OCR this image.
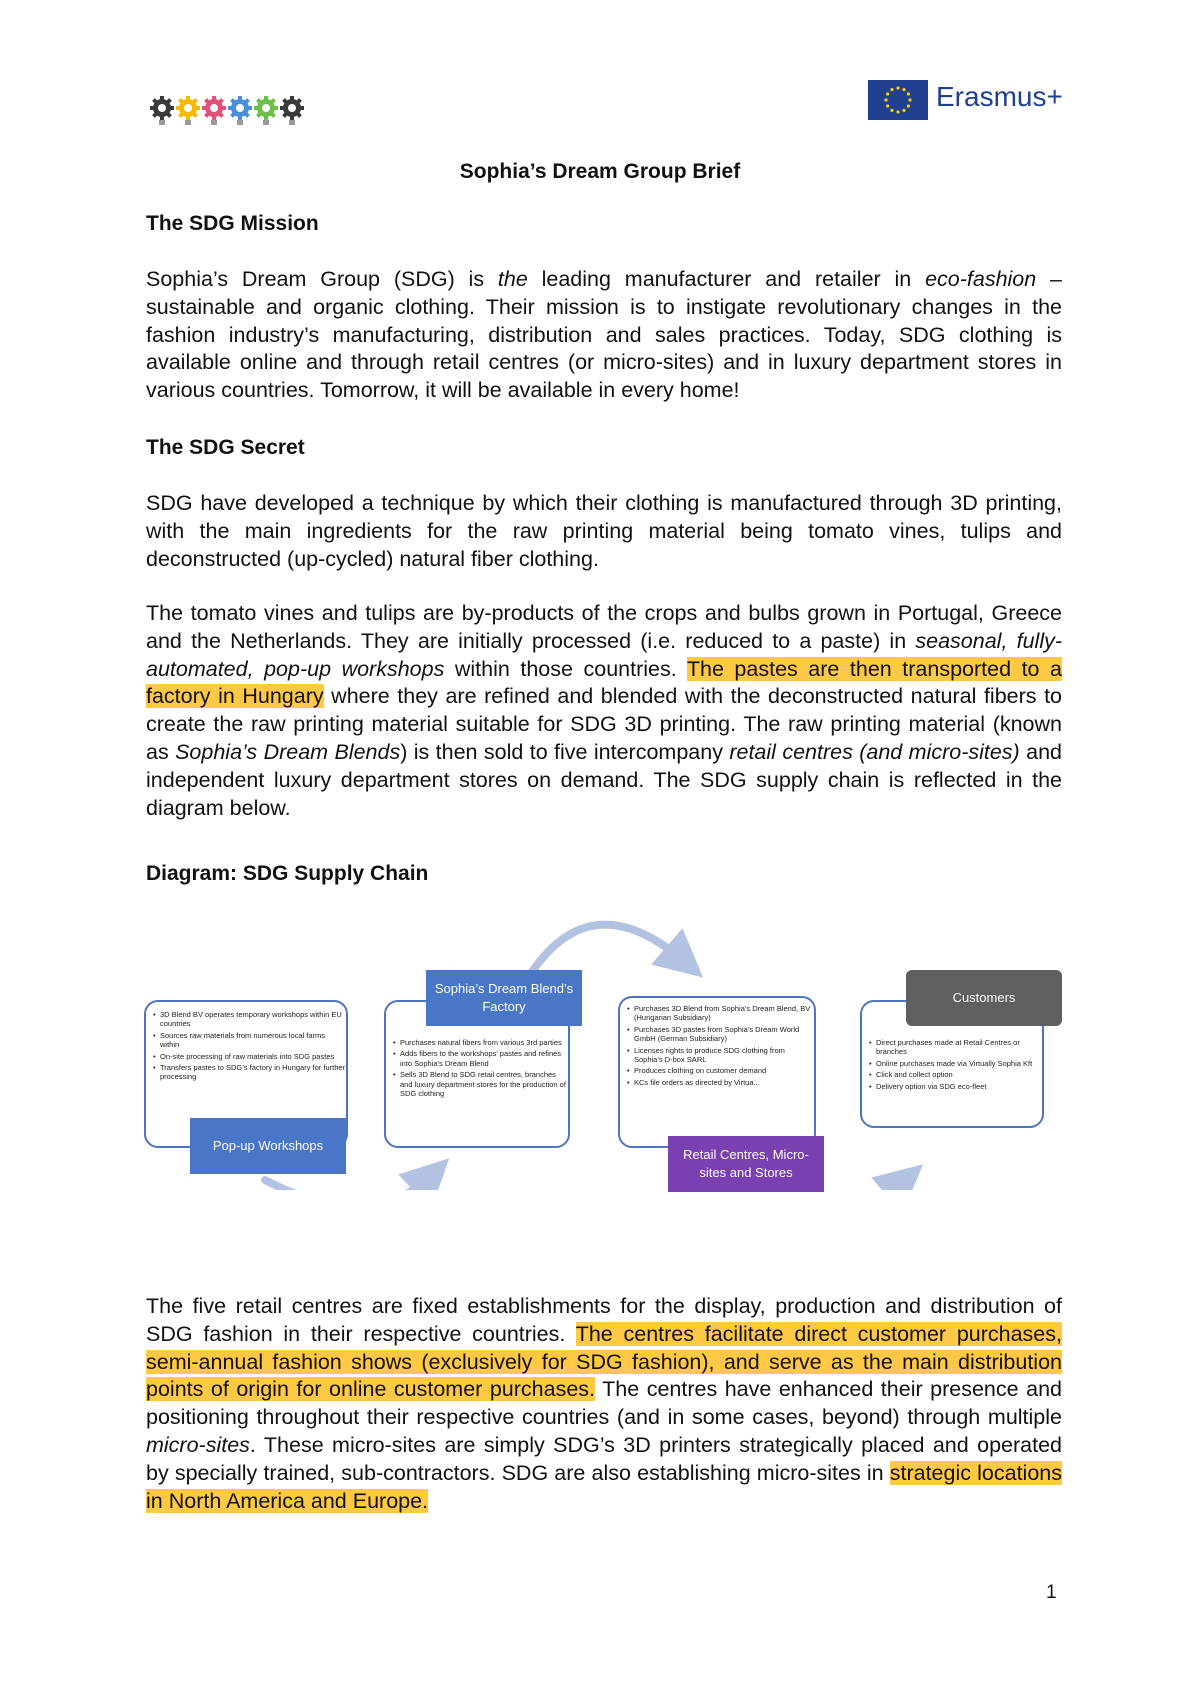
Erasmus+
Sophia’s Dream Group Brief
The SDG Mission

Sophia’s Dream Group (SDG) is the leading manufacturer and retailer in eco-fashion – sustainable and organic clothing. Their mission is to instigate revolutionary changes in the fashion industry’s manufacturing, distribution and sales practices. Today, SDG clothing is available online and through retail centres (or micro-sites) and in luxury department stores in various countries. Tomorrow, it will be available in every home!

The SDG Secret

SDG have developed a technique by which their clothing is manufactured through 3D printing, with the main ingredients for the raw printing material being tomato vines, tulips and deconstructed (up-cycled) natural fiber clothing.

The tomato vines and tulips are by-products of the crops and bulbs grown in Portugal, Greece and the Netherlands. They are initially processed (i.e. reduced to a paste) in seasonal, fully-automated, pop-up workshops within those countries. The pastes are then transported to a factory in Hungary where they are refined and blended with the deconstructed natural fibers to create the raw printing material suitable for SDG 3D printing. The raw printing material (known as Sophia’s Dream Blends) is then sold to five intercompany retail centres (and micro-sites) and independent luxury department stores on demand. The SDG supply chain is reflected in the diagram below.

Diagram: SDG Supply Chain
• 3D Blend BV operates temporary workshops within EU countries
• Sources raw materials from numerous local farms within
• On-site processing of raw materials into SDG pastes
• Transfers pastes to SDG’s factory in Hungary for further processing
Pop-up Workshops
• Purchases natural fibers from various 3rd parties
• Adds fibers to the workshops’ pastes and refines into Sophia’s Dream Blend
• Sells 3D Blend to SDG retail centres, branches and luxury department stores for the production of SDG clothing
Sophia’s Dream Blend’s Factory
•	Purchases 3D Blend from Sophia’s Dream Blend, BV (Hungarian Subsidiary)
• Purchases 3D pastes from Sophia’s Dream World GmbH (German Subsidiary)
• Licenses rights to produce SDG clothing from Sophia’s D-box SARL
• Produces clothing on customer demand
• KCs file orders as directed by Virtua...
Retail Centres, Micro-sites and Stores
• Direct purchases made at Retail Centres or branches
• Online purchases made via Virtually Sophia Kft
• Click and collect option
• Delivery option via SDG eco-fleet
Customers

The five retail centres are fixed establishments for the display, production and distribution of SDG fashion in their respective countries. The centres facilitate direct customer purchases, semi-annual fashion shows (exclusively for SDG fashion), and serve as the main distribution points of origin for online customer purchases. The centres have enhanced their presence and positioning throughout their respective countries (and in some cases, beyond) through multiple micro-sites. These micro-sites are simply SDG’s 3D printers strategically placed and operated by specially trained, sub-contractors. SDG are also establishing micro-sites in strategic locations in North America and Europe.

1
